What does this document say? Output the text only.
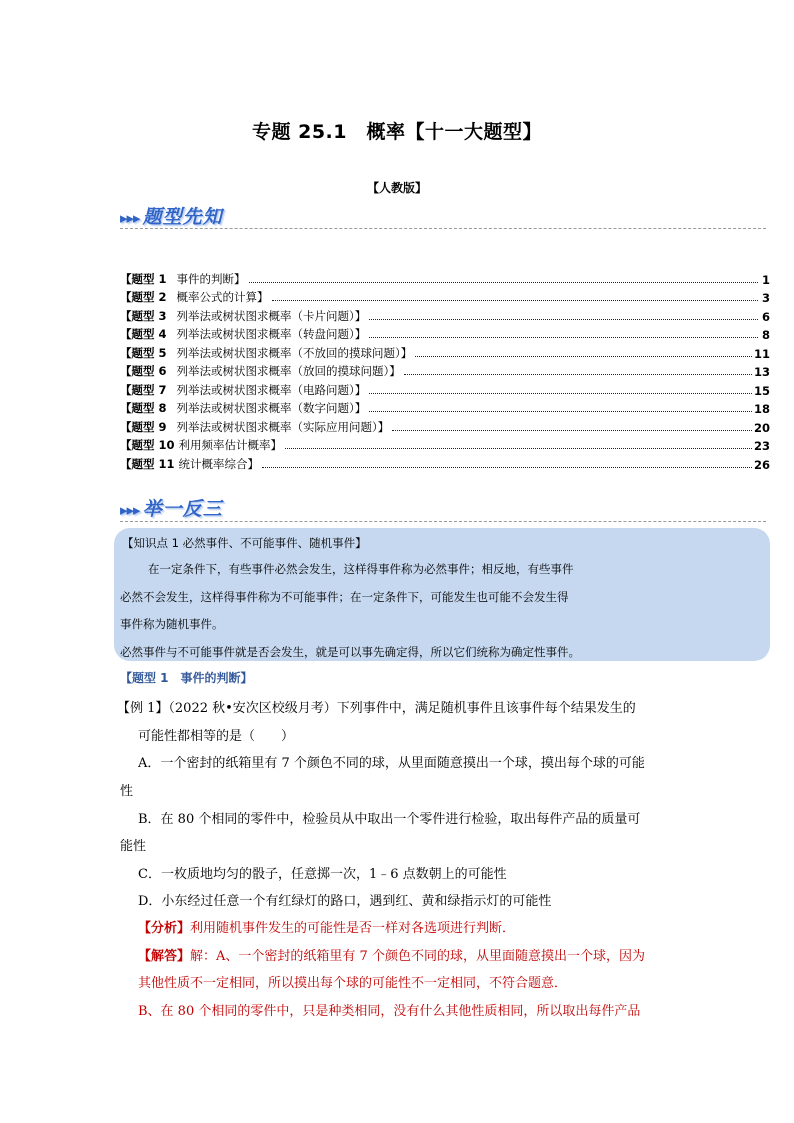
专题 25.1　概率【十一大题型】
【人教版】
▸▸▸ 题型先知
【题型 1 事件的判断】	1
【题型 2 概率公式的计算】	3
【题型 3 列举法或树状图求概率（卡片问题）】	6
【题型 4 列举法或树状图求概率（转盘问题）】	8
【题型 5 列举法或树状图求概率（不放回的摸球问题）】	11
【题型 6 列举法或树状图求概率（放回的摸球问题）】	13
【题型 7 列举法或树状图求概率（电路问题）】	15
【题型 8 列举法或树状图求概率（数字问题）】	18
【题型 9 列举法或树状图求概率（实际应用问题）】	20
【题型 10 利用频率估计概率】	23
【题型 11 统计概率综合】	26
▸▸▸ 举一反三
【知识点 1 必然事件、不可能事件、随机事件】
在一定条件下，有些事件必然会发生，这样得事件称为必然事件；相反地，有些事件
必然不会发生，这样得事件称为不可能事件；在一定条件下，可能发生也可能不会发生得
事件称为随机事件。
必然事件与不可能事件就是否会发生，就是可以事先确定得，所以它们统称为确定性事件。
【题型 1　事件的判断】
【例 1】（2022 秋•安次区校级月考）下列事件中，满足随机事件且该事件每个结果发生的
可能性都相等的是（　　）
A．一个密封的纸箱里有 7 个颜色不同的球，从里面随意摸出一个球，摸出每个球的可能
性
B．在 80 个相同的零件中，检验员从中取出一个零件进行检验，取出每件产品的质量可
能性
C．一枚质地均匀的骰子，任意掷一次，1﹣6 点数朝上的可能性
D．小东经过任意一个有红绿灯的路口，遇到红、黄和绿指示灯的可能性
【分析】利用随机事件发生的可能性是否一样对各选项进行判断．
【解答】解：A、一个密封的纸箱里有 7 个颜色不同的球，从里面随意摸出一个球，因为
其他性质不一定相同，所以摸出每个球的可能性不一定相同，不符合题意．
B、在 80 个相同的零件中，只是种类相同，没有什么其他性质相同，所以取出每件产品
